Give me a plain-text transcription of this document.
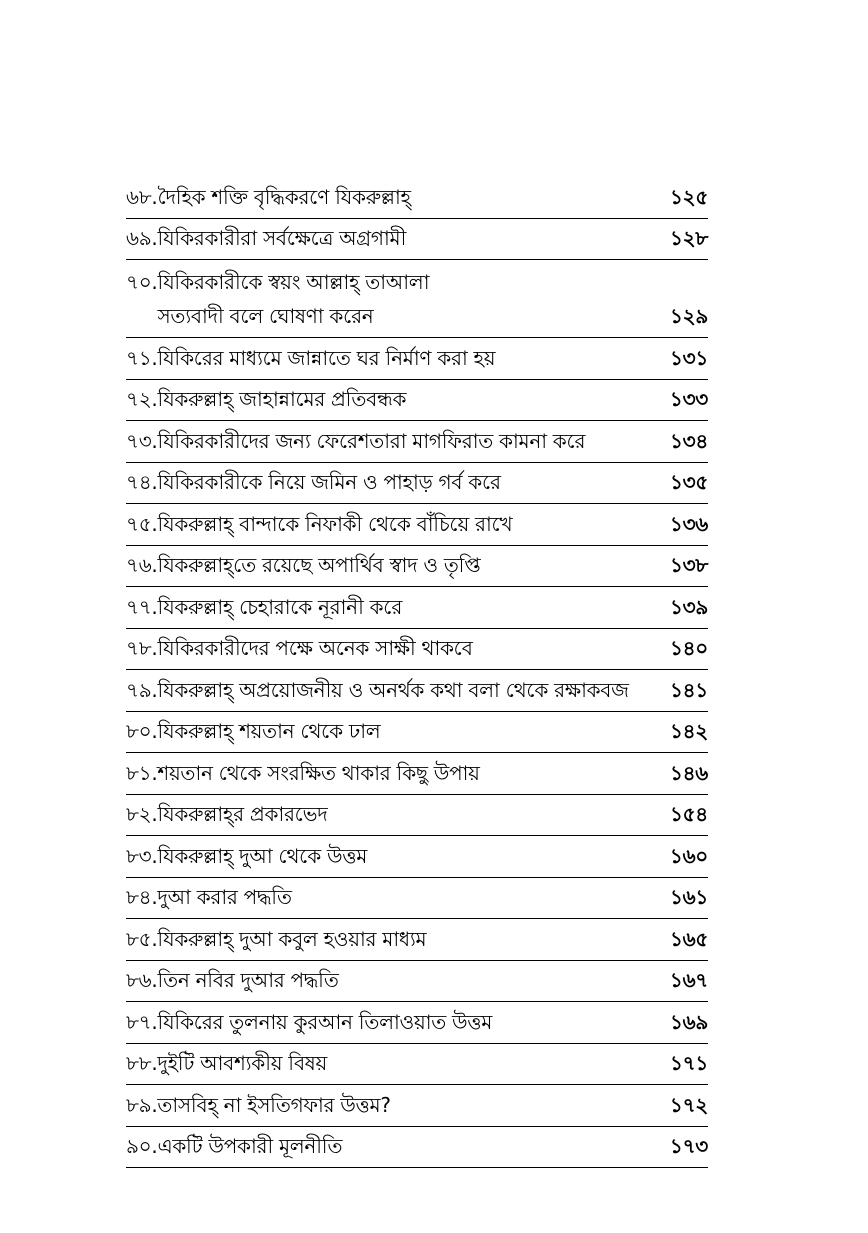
৬৮. দৈহিক শক্তি বৃদ্ধিকরণে যিকরুল্লাহ্‌	১২৫
৬৯. যিকিরকারীরা সর্বক্ষেত্রে অগ্রগামী	১২৮
৭০. যিকিরকারীকে স্বয়ং আল্লাহ্‌ তাআলা
সত্যবাদী বলে ঘোষণা করেন	১২৯
৭১. যিকিরের মাধ্যমে জান্নাতে ঘর নির্মাণ করা হয়	১৩১
৭২. যিকরুল্লাহ্‌ জাহান্নামের প্রতিবন্ধক	১৩৩
৭৩. যিকিরকারীদের জন্য ফেরেশতারা মাগফিরাত কামনা করে	১৩৪
৭৪. যিকিরকারীকে নিয়ে জমিন ও পাহাড় গর্ব করে	১৩৫
৭৫. যিকরুল্লাহ্‌ বান্দাকে নিফাকী থেকে বাঁচিয়ে রাখে	১৩৬
৭৬. যিকরুল্লাহ্‌তে রয়েছে অপার্থিব স্বাদ ও তৃপ্তি	১৩৮
৭৭. যিকরুল্লাহ্‌ চেহারাকে নূরানী করে	১৩৯
৭৮. যিকিরকারীদের পক্ষে অনেক সাক্ষী থাকবে	১৪০
৭৯. যিকরুল্লাহ্‌ অপ্রয়োজনীয় ও অনর্থক কথা বলা থেকে রক্ষাকবজ ১৪১
৮০. যিকরুল্লাহ্‌ শয়তান থেকে ঢাল	১৪২
৮১. শয়তান থেকে সংরক্ষিত থাকার কিছু উপায়	১৪৬
৮২. যিকরুল্লাহ্‌র প্রকারভেদ	১৫৪
৮৩. যিকরুল্লাহ্‌ দুআ থেকে উত্তম	১৬০
৮৪. দুআ করার পদ্ধতি	১৬১
৮৫. যিকরুল্লাহ্‌ দুআ কবুল হওয়ার মাধ্যম	১৬৫
৮৬. তিন নবির দুআর পদ্ধতি	১৬৭
৮৭. যিকিরের তুলনায় কুরআন তিলাওয়াত উত্তম	১৬৯
৮৮. দুইটি আবশ্যকীয় বিষয়	১৭১
৮৯. তাসবিহ্‌ না ইসতিগফার উত্তম?	১৭২
৯০. একটি উপকারী মূলনীতি	১৭৩
